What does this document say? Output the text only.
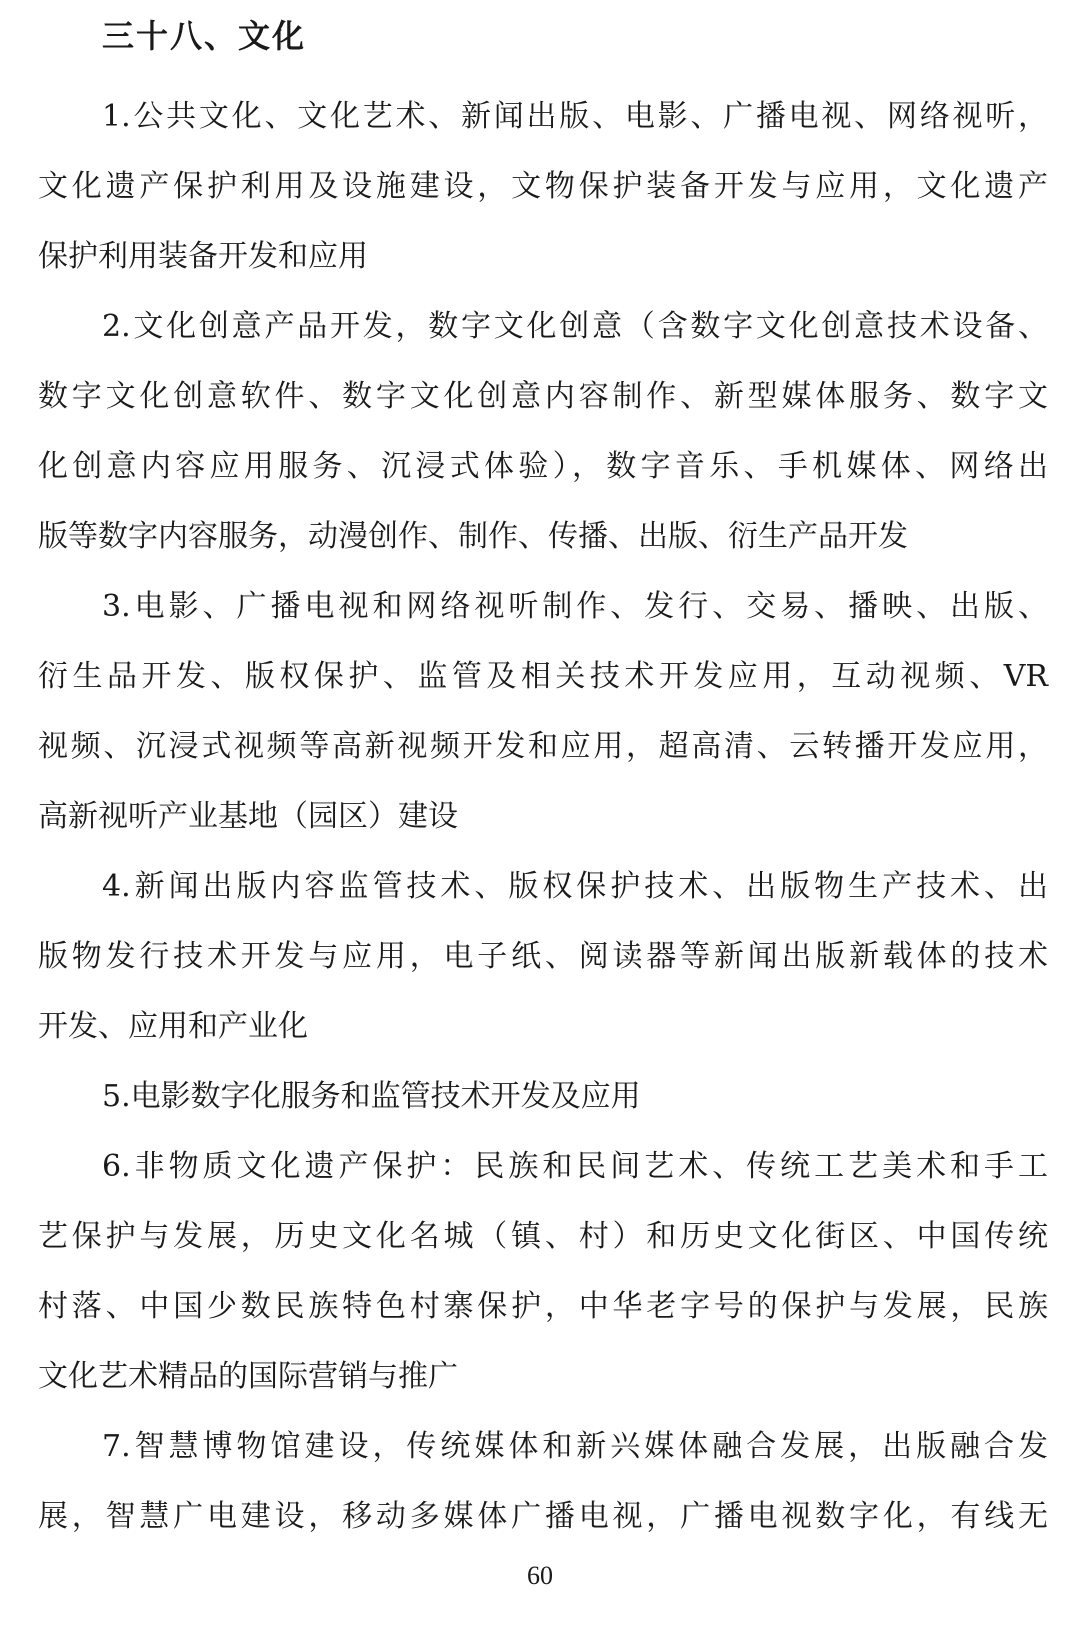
三十八、文化

1.公共文化、文化艺术、新闻出版、电影、广播电视、网络视听，
文化遗产保护利用及设施建设，文物保护装备开发与应用，文化遗产
保护利用装备开发和应用

2.文化创意产品开发，数字文化创意（含数字文化创意技术设备、
数字文化创意软件、数字文化创意内容制作、新型媒体服务、数字文
化创意内容应用服务、沉浸式体验），数字音乐、手机媒体、网络出
版等数字内容服务，动漫创作、制作、传播、出版、衍生产品开发

3.电影、广播电视和网络视听制作、发行、交易、播映、出版、
衍生品开发、版权保护、监管及相关技术开发应用，互动视频、VR
视频、沉浸式视频等高新视频开发和应用，超高清、云转播开发应用，
高新视听产业基地（园区）建设

4.新闻出版内容监管技术、版权保护技术、出版物生产技术、出
版物发行技术开发与应用，电子纸、阅读器等新闻出版新载体的技术
开发、应用和产业化

5.电影数字化服务和监管技术开发及应用

6.非物质文化遗产保护：民族和民间艺术、传统工艺美术和手工
艺保护与发展，历史文化名城（镇、村）和历史文化街区、中国传统
村落、中国少数民族特色村寨保护，中华老字号的保护与发展，民族
文化艺术精品的国际营销与推广

7.智慧博物馆建设，传统媒体和新兴媒体融合发展，出版融合发
展，智慧广电建设，移动多媒体广播电视，广播电视数字化，有线无

60
